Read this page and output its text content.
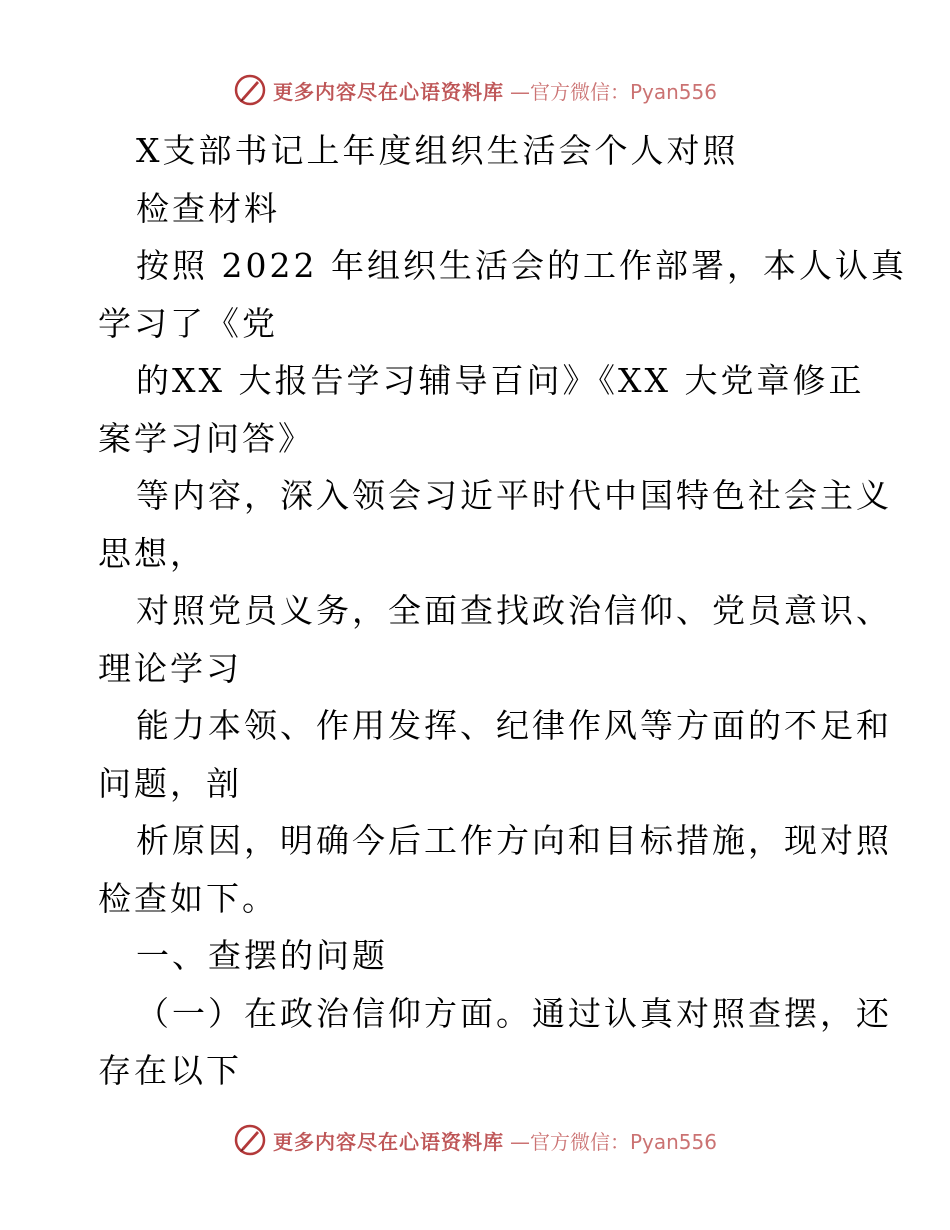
更多内容尽在心语资料库 —官方微信：Pyan556
X支部书记上年度组织生活会个人对照
检查材料
按照 2022 年组织生活会的工作部署，本人认真
学习了《党
的XX 大报告学习辅导百问》《XX 大党章修正
案学习问答》
等内容，深入领会习近平时代中国特色社会主义
思想，
对照党员义务，全面查找政治信仰、党员意识、
理论学习
能力本领、作用发挥、纪律作风等方面的不足和
问题，剖
析原因，明确今后工作方向和目标措施，现对照
检查如下。
一、查摆的问题
（一）在政治信仰方面。通过认真对照查摆，还
存在以下
更多内容尽在心语资料库 —官方微信：Pyan556
